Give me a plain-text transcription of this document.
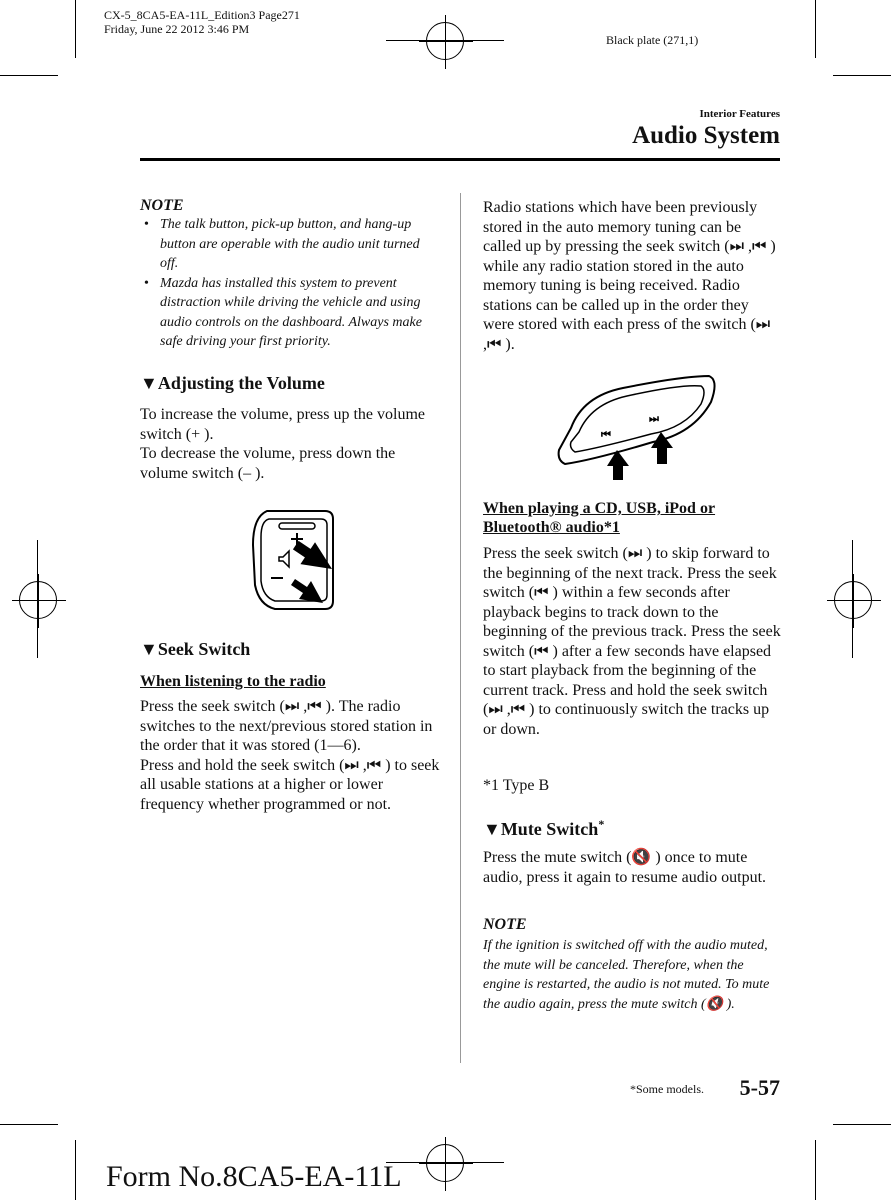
CX-5_8CA5-EA-11L_Edition3 Page271
Friday, June 22 2012 3:46 PM
Black plate (271,1)
Interior Features
Audio System
NOTE
• The talk button, pick-up button, and hang-up button are operable with the audio unit turned off.
• Mazda has installed this system to prevent distraction while driving the vehicle and using audio controls on the dashboard. Always make safe driving your first priority.
▼Adjusting the Volume

To increase the volume, press up the volume switch (+ ).

To decrease the volume, press down the volume switch (– ).

▼Seek Switch
When listening to the radio

Press the seek switch (⏭ ,⏮ ). The radio switches to the next/previous stored station in the order that it was stored (1—6).

Press and hold the seek switch (⏭ ,⏮ ) to seek all usable stations at a higher or lower frequency whether programmed or not.

Radio stations which have been previously stored in the auto memory tuning can be called up by pressing the seek switch (⏭ ,⏮ ) while any radio station stored in the auto memory tuning is being received. Radio stations can be called up in the order they were stored with each press of the switch (⏭ ,⏮ ).
⏮
⏭
When playing a CD, USB, iPod or
Bluetooth® audio*1
Press the seek switch (⏭ ) to skip forward to the beginning of the next track. Press the seek switch (⏮ ) within a few seconds after playback begins to track down to the beginning of the previous track. Press the seek switch (⏮ ) after a few seconds have elapsed to start playback from the beginning of the current track. Press and hold the seek switch (⏭ ,⏮ ) to continuously switch the tracks up or down.
*1 Type B
▼Mute Switch*
Press the mute switch (🔇 ) once to mute audio, press it again to resume audio output.
NOTE
If the ignition is switched off with the audio muted, the mute will be canceled. Therefore, when the engine is restarted, the audio is not muted. To mute the audio again, press the mute switch (🔇 ).
*Some models. 5-57
Form No.8CA5-EA-11L
